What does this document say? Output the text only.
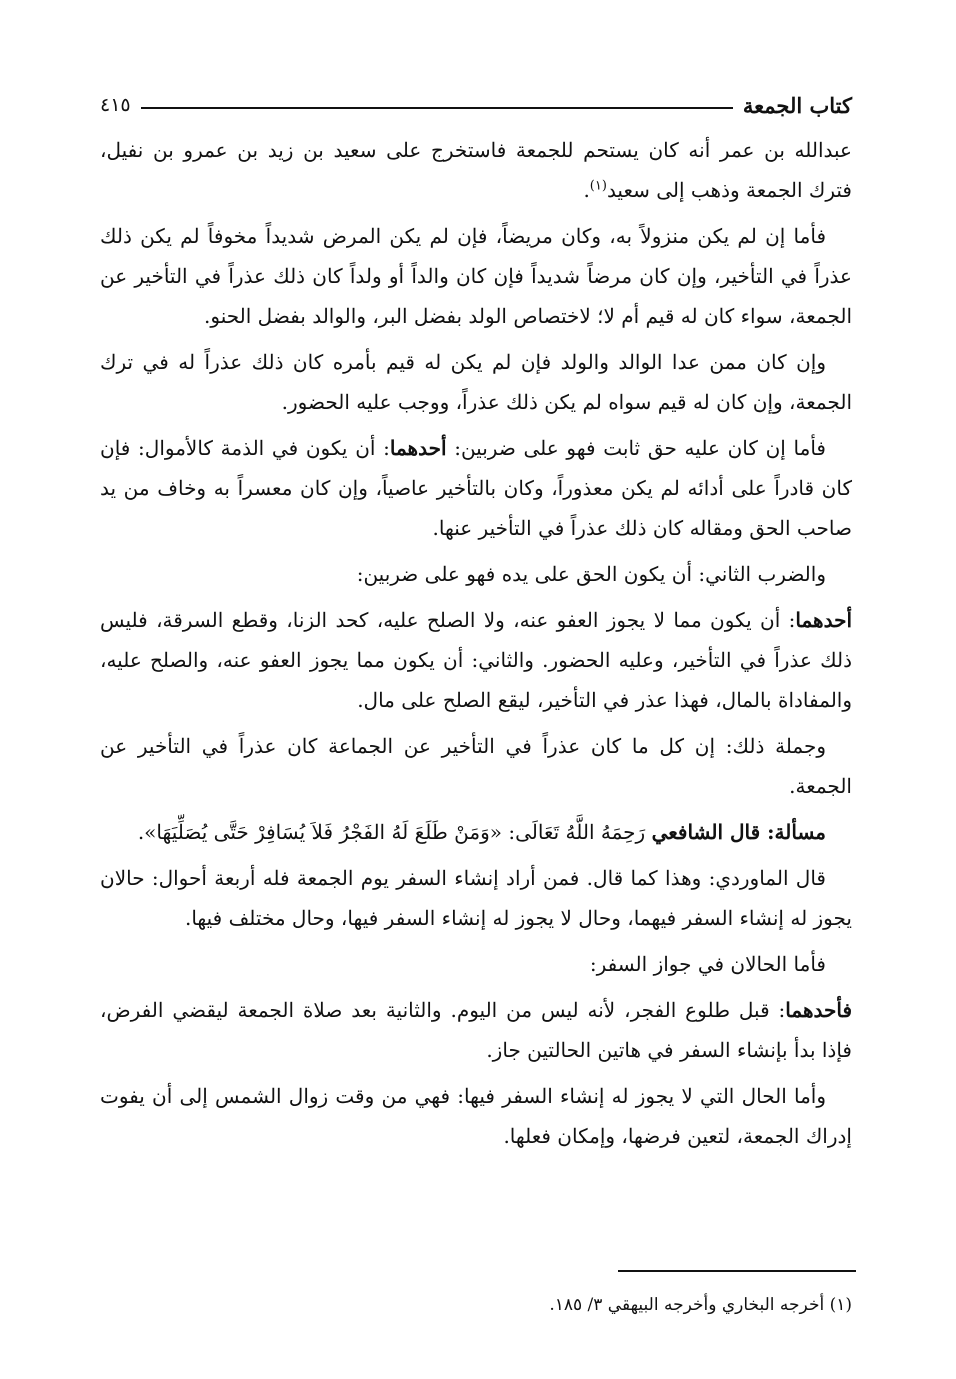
كتاب الجمعة
٤١٥

عبدالله بن عمر أنه كان يستحم للجمعة فاستخرج على سعيد بن زيد بن عمرو بن نفيل، فترك الجمعة وذهب إلى سعيد$^{(١)}$.

فأما إن لم يكن منزولاً به، وكان مريضاً، فإن لم يكن المرض شديداً مخوفاً لم يكن ذلك عذراً في التأخير، وإن كان مرضاً شديداً فإن كان والداً أو ولداً كان ذلك عذراً في التأخير عن الجمعة، سواء كان له قيم أم لا؛ لاختصاص الولد بفضل البر، والوالد بفضل الحنو.

وإن كان ممن عدا الوالد والولد فإن لم يكن له قيم بأمره كان ذلك عذراً له في ترك الجمعة، وإن كان له قيم سواه لم يكن ذلك عذراً، ووجب عليه الحضور.

فأما إن كان عليه حق ثابت فهو على ضربين: أحدهما: أن يكون في الذمة كالأموال: فإن كان قادراً على أدائه لم يكن معذوراً، وكان بالتأخير عاصياً، وإن كان معسراً به وخاف من يد صاحب الحق ومقاله كان ذلك عذراً في التأخير عنها.

والضرب الثاني: أن يكون الحق على يده فهو على ضربين:

أحدهما: أن يكون مما لا يجوز العفو عنه، ولا الصلح عليه، كحد الزنا، وقطع السرقة، فليس ذلك عذراً في التأخير، وعليه الحضور. والثاني: أن يكون مما يجوز العفو عنه، والصلح عليه، والمفاداة بالمال، فهذا عذر في التأخير، ليقع الصلح على مال.

وجملة ذلك: إن كل ما كان عذراً في التأخير عن الجماعة كان عذراً في التأخير عن الجمعة.

مسألة: قال الشافعي رَحِمَهُ اللَّهُ تَعَالَى: «وَمَنْ طَلَعَ لَهُ الفَجْرُ فَلاَ يُسَافِرْ حَتَّى يُصَلِّيَهَا».

قال الماوردي: وهذا كما قال. فمن أراد إنشاء السفر يوم الجمعة فله أربعة أحوال: حالان يجوز له إنشاء السفر فيهما، وحال لا يجوز له إنشاء السفر فيها، وحال مختلف فيها.

فأما الحالان في جواز السفر:

فأحدهما: قبل طلوع الفجر، لأنه ليس من اليوم. والثانية بعد صلاة الجمعة ليقضي الفرض، فإذا بدأ بإنشاء السفر في هاتين الحالتين جاز.

وأما الحال التي لا يجوز له إنشاء السفر فيها: فهي من وقت زوال الشمس إلى أن يفوت إدراك الجمعة، لتعين فرضها، وإمكان فعلها.

(١) أخرجه البخاري وأخرجه البيهقي ٣/ ١٨٥.
